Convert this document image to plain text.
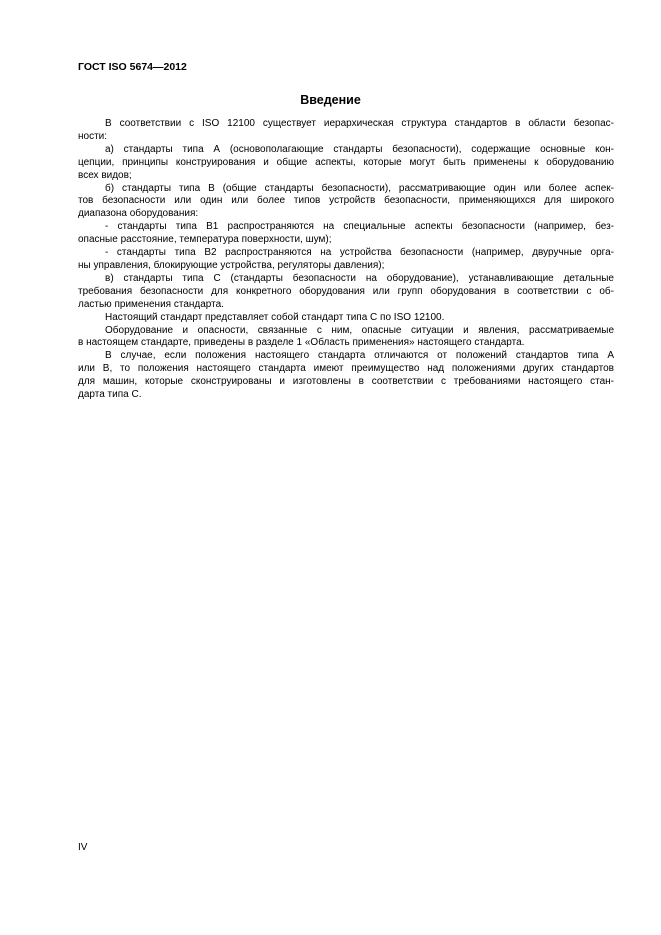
ГОСТ ISO 5674—2012
Введение
В соответствии с ISO 12100 существует иерархическая структура стандартов в области безопас-
ности:
а) стандарты типа А (основополагающие стандарты безопасности), содержащие основные кон-
цепции, принципы конструирования и общие аспекты, которые могут быть применены к оборудованию
всех видов;
б) стандарты типа В (общие стандарты безопасности), рассматривающие один или более аспек-
тов безопасности или один или более типов устройств безопасности, применяющихся для широкого
диапазона оборудования:
- стандарты типа В1 распространяются на специальные аспекты безопасности (например, без-
опасные расстояние, температура поверхности, шум);
- стандарты типа В2 распространяются на устройства безопасности (например, двуручные орга-
ны управления, блокирующие устройства, регуляторы давления);
в) стандарты типа С (стандарты безопасности на оборудование), устанавливающие детальные
требования безопасности для конкретного оборудования или групп оборудования в соответствии с об-
ластью применения стандарта.
Настоящий стандарт представляет собой стандарт типа С по ISO 12100.
Оборудование и опасности, связанные с ним, опасные ситуации и явления, рассматриваемые
в настоящем стандарте, приведены в разделе 1 «Область применения» настоящего стандарта.
В случае, если положения настоящего стандарта отличаются от положений стандартов типа А
или В, то положения настоящего стандарта имеют преимущество над положениями других стандартов
для машин, которые сконструированы и изготовлены в соответствии с требованиями настоящего стан-
дарта типа С.
IV
